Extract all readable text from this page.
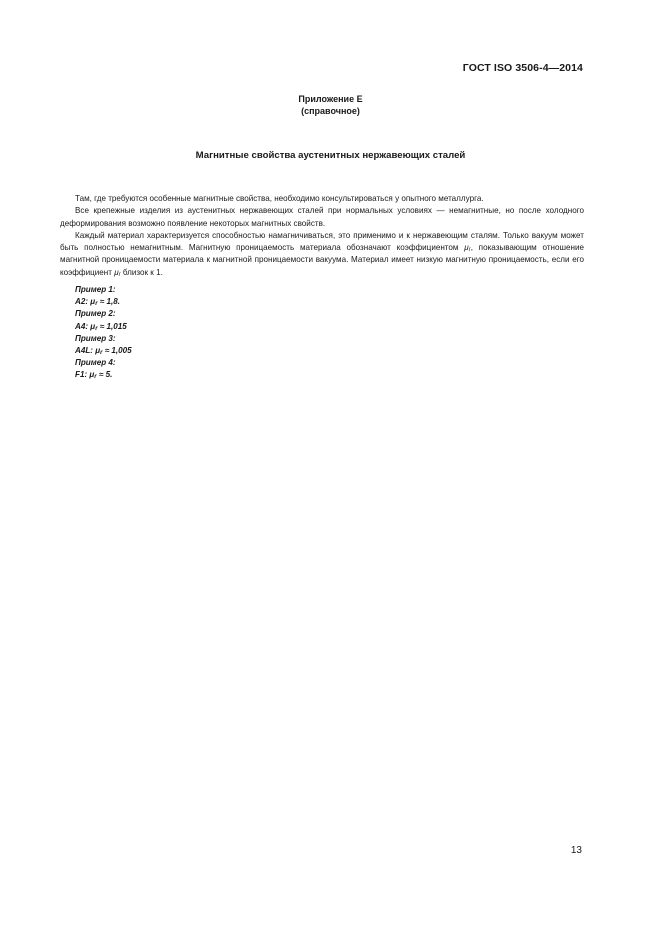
ГОСТ ISO 3506-4—2014
Приложение Е
(справочное)
Магнитные свойства аустенитных нержавеющих сталей

Там, где требуются особенные магнитные свойства, необходимо консультироваться у опытного металлурга.

Все крепежные изделия из аустенитных нержавеющих сталей при нормальных условиях — немагнитные, но после холодного деформирования возможно появление некоторых магнитных свойств.

Каждый материал характеризуется способностью намагничиваться, это применимо и к нержавеющим сталям. Только вакуум может быть полностью немагнитным. Магнитную проницаемость материала обозначают коэффициентом $\mu_r$, показывающим отношение магнитной проницаемости материала к магнитной проницаемости вакуума. Материал имеет низкую магнитную проницаемость, если его коэффициент $\mu_r$ близок к 1.

Пример 1:
A2: $\mu_r \approx 1,8$.
Пример 2:
A4: $\mu_r \approx 1,015$
Пример 3:
A4L: $\mu_r \approx 1,005$
Пример 4:
F1: $\mu_r \approx 5$.
13
